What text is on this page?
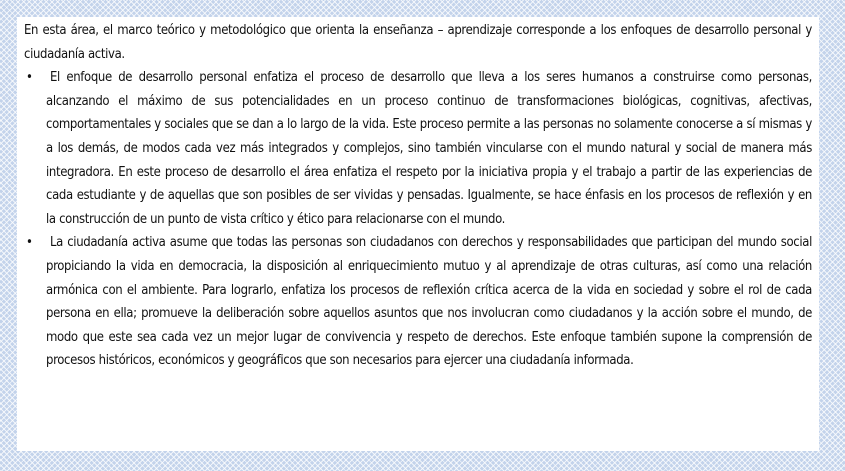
En esta área, el marco teórico y metodológico que orienta la enseñanza – aprendizaje corresponde a los enfoques de desarrollo personal y ciudadanía activa.

•	El enfoque de desarrollo personal enfatiza el proceso de desarrollo que lleva a los seres humanos a construirse como personas, alcanzando el máximo de sus potencialidades en un proceso continuo de transformaciones biológicas, cognitivas, afectivas, comportamentales y sociales que se dan a lo largo de la vida. Este proceso permite a las personas no solamente conocerse a sí mismas y a los demás, de modos cada vez más integrados y complejos, sino también vincularse con el mundo natural y social de manera más integradora. En este proceso de desarrollo el área enfatiza el respeto por la iniciativa propia y el trabajo a partir de las experiencias de cada estudiante y de aquellas que son posibles de ser vividas y pensadas. Igualmente, se hace énfasis en los procesos de reflexión y en la construcción de un punto de vista crítico y ético para relacionarse con el mundo.
•	La ciudadanía activa asume que todas las personas son ciudadanos con derechos y responsabilidades que participan del mundo social propiciando la vida en democracia, la disposición al enriquecimiento mutuo y al aprendizaje de otras culturas, así como una relación armónica con el ambiente. Para lograrlo, enfatiza los procesos de reflexión crítica acerca de la vida en sociedad y sobre el rol de cada persona en ella; promueve la deliberación sobre aquellos asuntos que nos involucran como ciudadanos y la acción sobre el mundo, de modo que este sea cada vez un mejor lugar de convivencia y respeto de derechos. Este enfoque también supone la comprensión de procesos históricos, económicos y geográficos que son necesarios para ejercer una ciudadanía informada.
